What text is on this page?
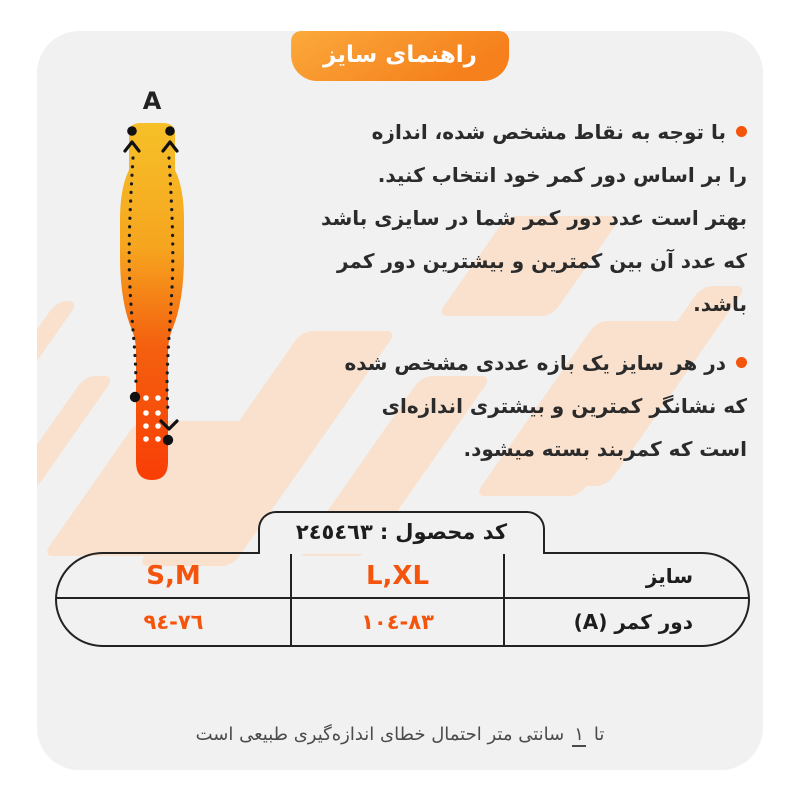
A
با توجه به نقاط مشخص شده، اندازه
را بر اساس دور کمر خود انتخاب کنید.
بهتر است عدد دور کمر شما در سایزی باشد
که عدد آن بین کمترین و بیشترین دور کمر
باشد.
در هر سایز یک بازه عددی مشخص شده
که نشانگر کمترین و بیشتری اندازه‌ای
است که کمربند بسته میشود.
کد محصول:٢٤٥٤٦٣
سایز
L,XL
S,M
دور کمر (A)
٨٣-١٠٤
٧٦-٩٤
تا١سانتی متر احتمال خطای اندازه‌گیری طبیعی است
راهنمای سایز
